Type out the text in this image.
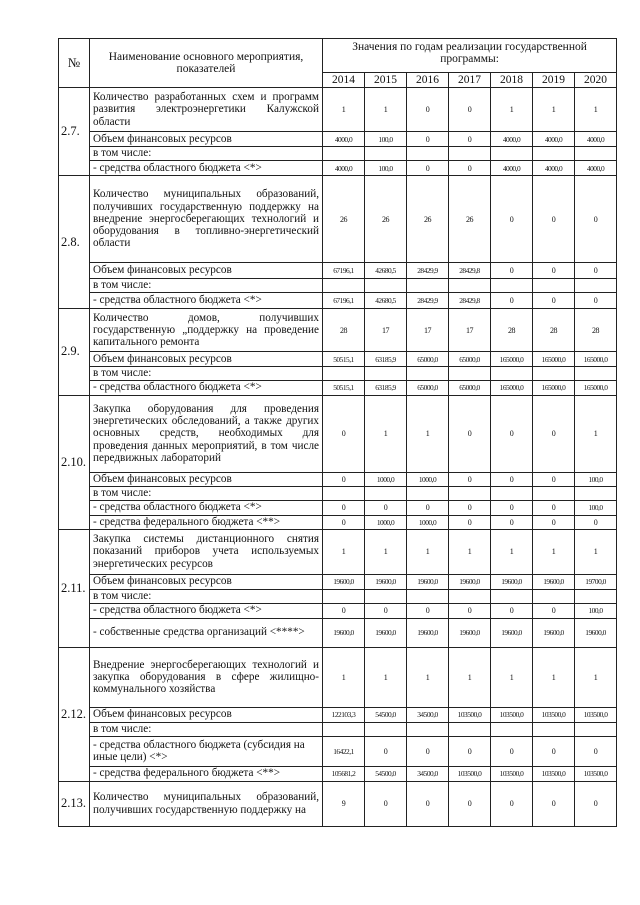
№	Наименование основного мероприятия, показателей	Значения по годам реализации государственной программы:						
		2014	2015	2016	2017	2018	2019	2020
2.7.	Количество разработанных схем и программ развития электроэнергетики Калужской области	1	1	0	0	1	1	1
	Объем финансовых ресурсов	4000,0	100,0	0	0	4000,0	4000,0	4000,0
	в том числе:							
	- средства областного бюджета <*>	4000,0	100,0	0	0	4000,0	4000,0	4000,0
2.8.	Количество муниципальных образований, получивших государственную поддержку на внедрение энергосберегающих технологий и оборудования в топливно-энергетический области	26	26	26	26	0	0	0
	Объем финансовых ресурсов	67196,1	42680,5	28429,9	28429,8	0	0	0
	в том числе:							
	- средства областного бюджета <*>	67196,1	42680,5	28429,9	28429,8	0	0	0
2.9.	Количество домов, получивших государственную „поддержку на проведение капитального ремонта	28	17	17	17	28	28	28
	Объем финансовых ресурсов	50515,1	63185,9	65000,0	65000,0	165000,0	165000,0	165000,0
	в том числе:							
	- средства областного бюджета <*>	50515,1	63185,9	65000,0	65000,0	165000,0	165000,0	165000,0
2.10.	Закупка оборудования для проведения энергетических обследований, а также других основных средств, необходимых для проведения данных мероприятий, в том числе передвижных лабораторий	0	1	1	0	0	0	1
	Объем финансовых ресурсов	0	1000,0	1000,0	0	0	0	100,0
	в том числе:							
	- средства областного бюджета <*>	0	0	0	0	0	0	100,0
	- средства федерального бюджета <**>	0	1000,0	1000,0	0	0	0	0
2.11.	Закупка системы дистанционного снятия показаний приборов учета используемых энергетических ресурсов	1	1	1	1	1	1	1
	Объем финансовых ресурсов	19600,0	19600,0	19600,0	19600,0	19600,0	19600,0	19700,0
	в том числе:							
	- средства областного бюджета <*>	0	0	0	0	0	0	100,0
	- собственные средства организаций <****>	19600,0	19600,0	19600,0	19600,0	19600,0	19600,0	19600,0
2.12.	Внедрение энергосберегающих технологий и закупка оборудования в сфере жилищно-коммунального хозяйства	1	1	1	1	1	1	1
	Объем финансовых ресурсов	122103,3	54500,0	34500,0	103500,0	103500,0	103500,0	103500,0
	в том числе:							
	- средства областного бюджета (субсидия на иные цели) <*>	16422,1	0	0	0	0	0	0
	- средства федерального бюджета <**>	105681,2	54500,0	34500,0	103500,0	103500,0	103500,0	103500,0
2.13.	Количество муниципальных образований, получивших государственную поддержку на	9	0	0	0	0	0	0
